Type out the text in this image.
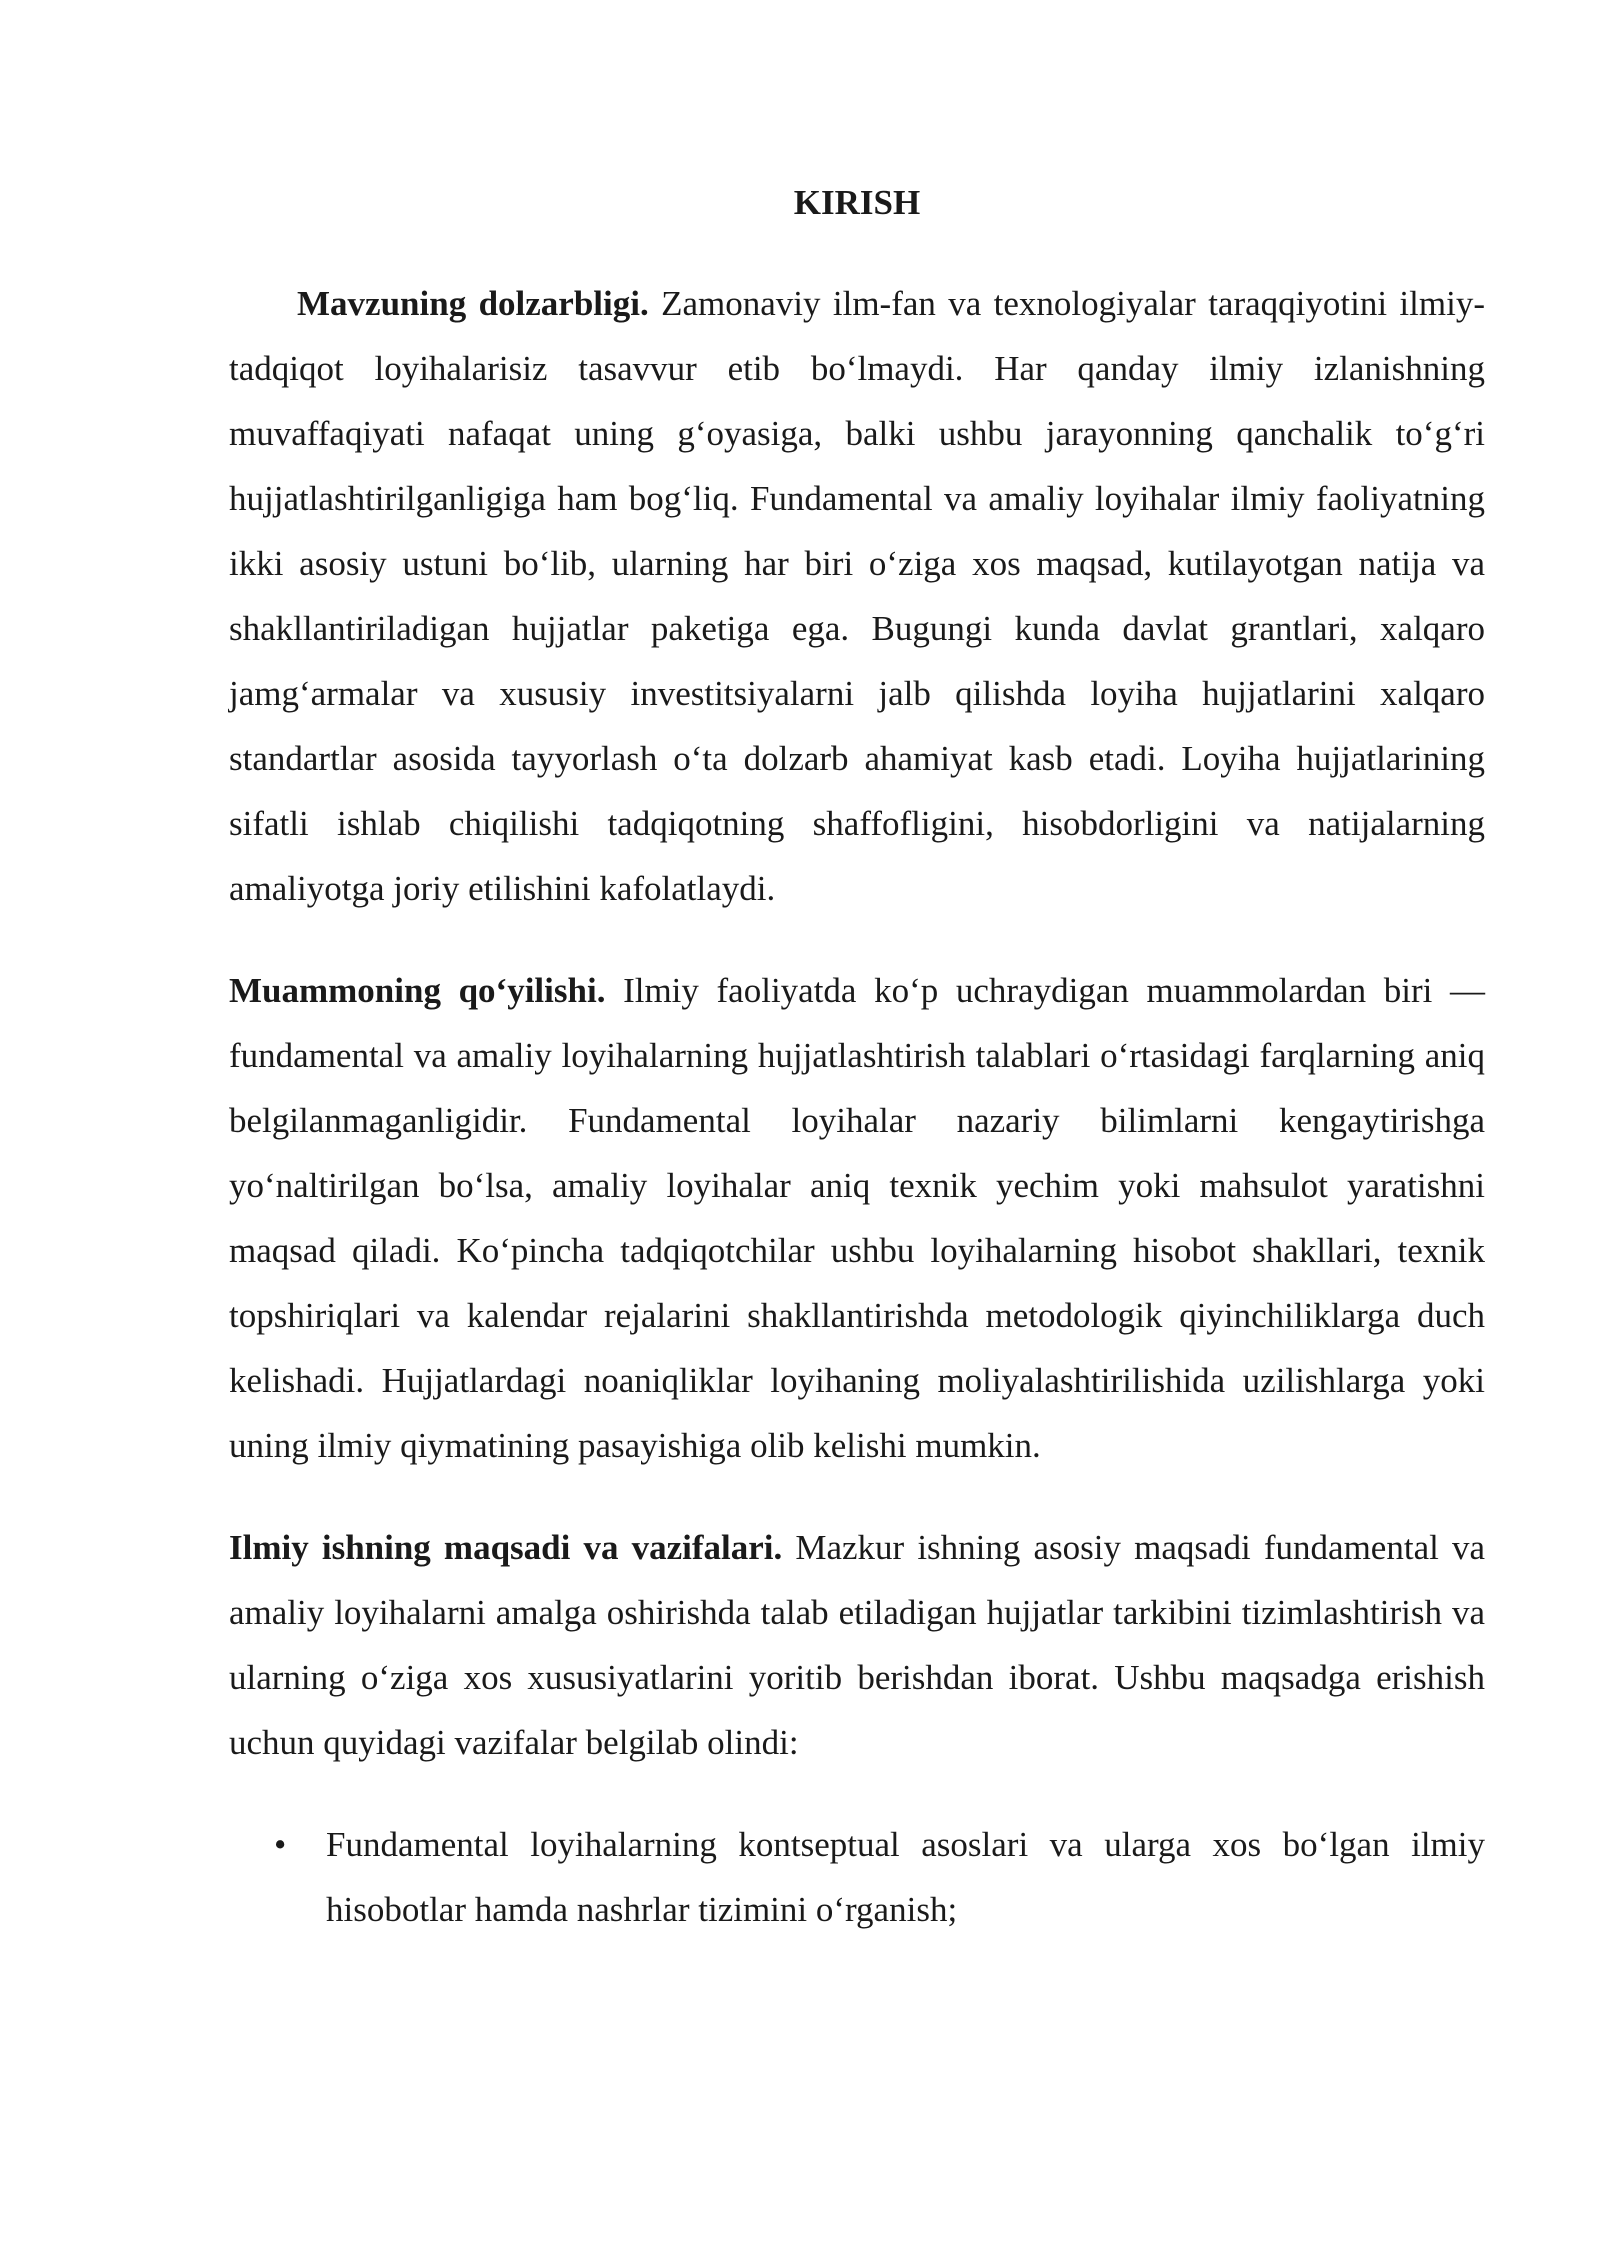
KIRISH

Mavzuning dolzarbligi. Zamonaviy ilm-fan va texnologiyalar taraqqiyotini ilmiy-tadqiqot loyihalarisiz tasavvur etib bo‘lmaydi. Har qanday ilmiy izlanishning muvaffaqiyati nafaqat uning g‘oyasiga, balki ushbu jarayonning qanchalik to‘g‘ri hujjatlashtirilganligiga ham bog‘liq. Fundamental va amaliy loyihalar ilmiy faoliyatning ikki asosiy ustuni bo‘lib, ularning har biri o‘ziga xos maqsad, kutilayotgan natija va shakllantiriladigan hujjatlar paketiga ega. Bugungi kunda davlat grantlari, xalqaro jamg‘armalar va xususiy investitsiyalarni jalb qilishda loyiha hujjatlarini xalqaro standartlar asosida tayyorlash o‘ta dolzarb ahamiyat kasb etadi. Loyiha hujjatlarining sifatli ishlab chiqilishi tadqiqotning shaffofligini, hisobdorligini va natijalarning amaliyotga joriy etilishini kafolatlaydi.

Muammoning qo‘yilishi. Ilmiy faoliyatda ko‘p uchraydigan muammolardan biri — fundamental va amaliy loyihalarning hujjatlashtirish talablari o‘rtasidagi farqlarning aniq belgilanmaganligidir. Fundamental loyihalar nazariy bilimlarni kengaytirishga yo‘naltirilgan bo‘lsa, amaliy loyihalar aniq texnik yechim yoki mahsulot yaratishni maqsad qiladi. Ko‘pincha tadqiqotchilar ushbu loyihalarning hisobot shakllari, texnik topshiriqlari va kalendar rejalarini shakllantirishda metodologik qiyinchiliklarga duch kelishadi. Hujjatlardagi noaniqliklar loyihaning moliyalashtirilishida uzilishlarga yoki uning ilmiy qiymatining pasayishiga olib kelishi mumkin.

Ilmiy ishning maqsadi va vazifalari. Mazkur ishning asosiy maqsadi fundamental va amaliy loyihalarni amalga oshirishda talab etiladigan hujjatlar tarkibini tizimlashtirish va ularning o‘ziga xos xususiyatlarini yoritib berishdan iborat. Ushbu maqsadga erishish uchun quyidagi vazifalar belgilab olindi:

• Fundamental loyihalarning kontseptual asoslari va ularga xos bo‘lgan ilmiy hisobotlar hamda nashrlar tizimini o‘rganish;
